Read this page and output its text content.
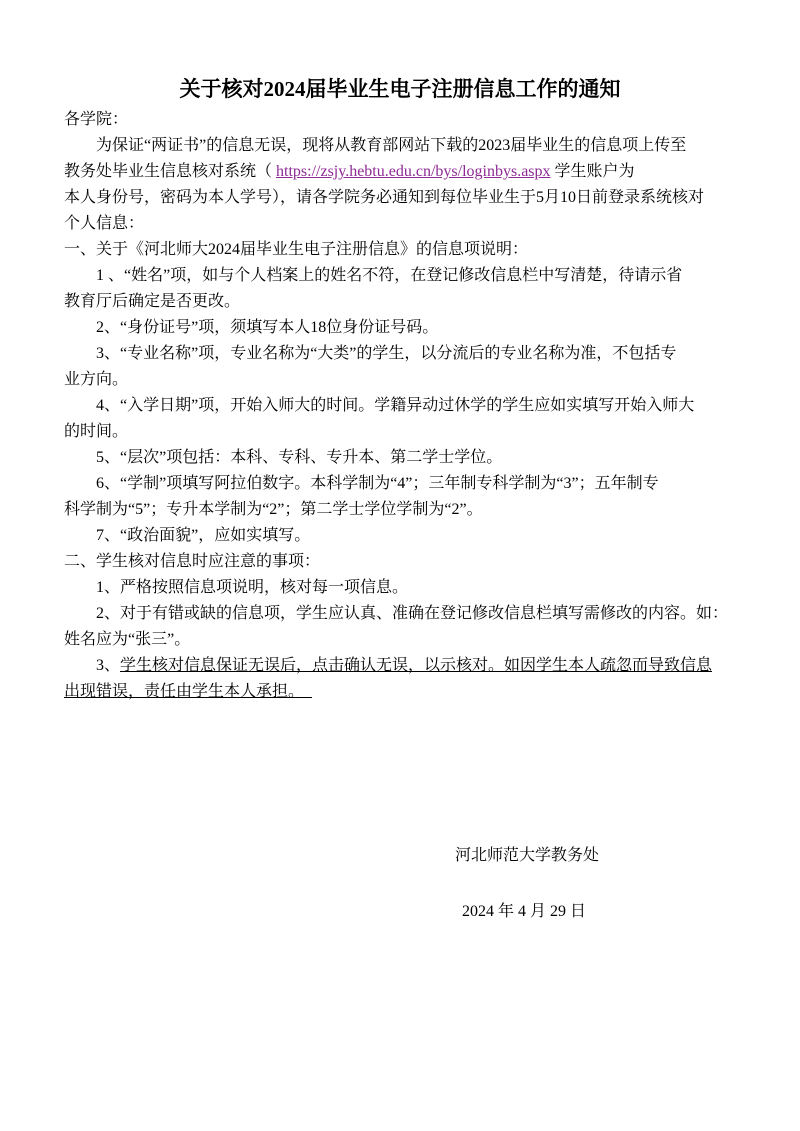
关于核对2024届毕业生电子注册信息工作的通知
各学院：
为保证“两证书”的信息无误，现将从教育部网站下载的2023届毕业生的信息项上传至
教务处毕业生信息核对系统（ https://zsjy.hebtu.edu.cn/bys/loginbys.aspx 学生账户为
本人身份号，密码为本人学号），请各学院务必通知到每位毕业生于5月10日前登录系统核对
个人信息：
一、关于《河北师大2024届毕业生电子注册信息》的信息项说明：
1 、“姓名”项，如与个人档案上的姓名不符，在登记修改信息栏中写清楚，待请示省
教育厅后确定是否更改。
2、“身份证号”项，须填写本人18位身份证号码。
3、“专业名称”项，专业名称为“大类”的学生，以分流后的专业名称为准，不包括专
业方向。
4、“入学日期”项，开始入师大的时间。学籍异动过休学的学生应如实填写开始入师大
的时间。
5、“层次”项包括：本科、专科、专升本、第二学士学位。
6、“学制”项填写阿拉伯数字。本科学制为“4”；三年制专科学制为“3”；五年制专
科学制为“5”；专升本学制为“2”；第二学士学位学制为“2”。
7、“政治面貌”，应如实填写。
二、学生核对信息时应注意的事项：
1、严格按照信息项说明，核对每一项信息。
2、对于有错或缺的信息项，学生应认真、准确在登记修改信息栏填写需修改的内容。如：
姓名应为“张三”。
3、学生核对信息保证无误后，点击确认无误，以示核对。如因学生本人疏忽而导致信息
出现错误，责任由学生本人承担。
河北师范大学教务处
2024 年 4 月 29 日
